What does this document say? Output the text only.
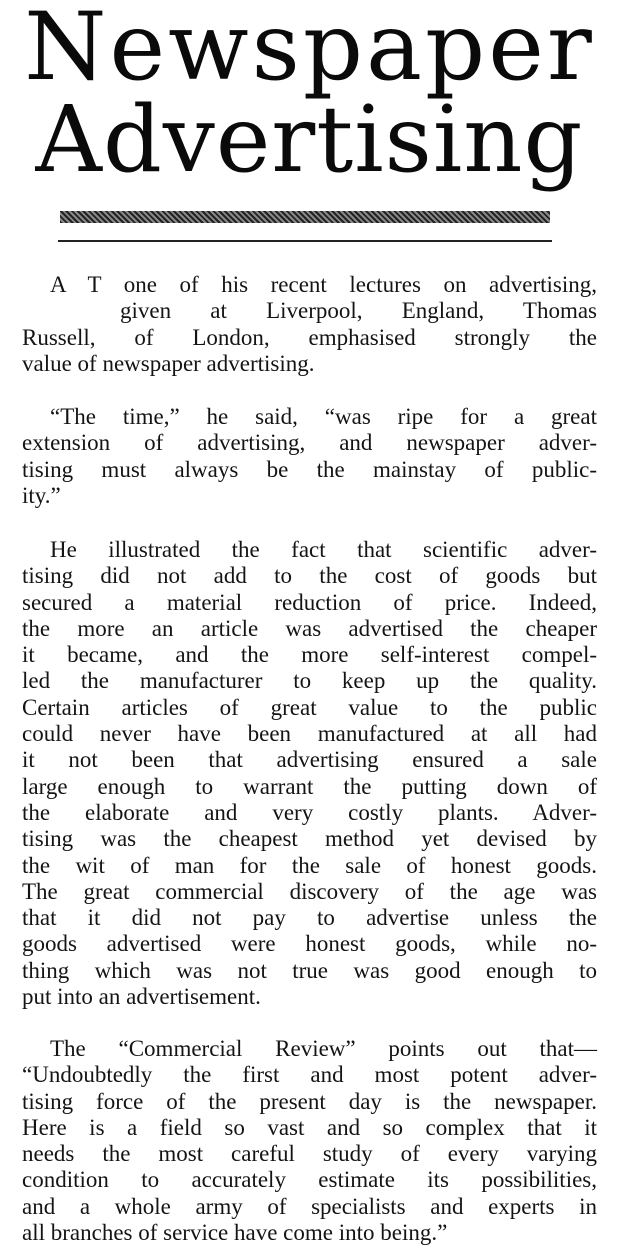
Newspaper
Advertising
A T one of his recent lectures on advertising,
given at Liverpool, England, Thomas
Russell, of London, emphasised strongly the
value of newspaper advertising.
“The time,” he said, “was ripe for a great
extension of advertising, and newspaper adver-
tising must always be the mainstay of public-
ity.”
He illustrated the fact that scientific adver-
tising did not add to the cost of goods but
secured a material reduction of price. Indeed,
the more an article was advertised the cheaper
it became, and the more self-interest compel-
led the manufacturer to keep up the quality.
Certain articles of great value to the public
could never have been manufactured at all had
it not been that advertising ensured a sale
large enough to warrant the putting down of
the elaborate and very costly plants. Adver-
tising was the cheapest method yet devised by
the wit of man for the sale of honest goods.
The great commercial discovery of the age was
that it did not pay to advertise unless the
goods advertised were honest goods, while no-
thing which was not true was good enough to
put into an advertisement.
The “Commercial Review” points out that—
“Undoubtedly the first and most potent adver-
tising force of the present day is the newspaper.
Here is a field so vast and so complex that it
needs the most careful study of every varying
condition to accurately estimate its possibilities,
and a whole army of specialists and experts in
all branches of service have come into being.”
